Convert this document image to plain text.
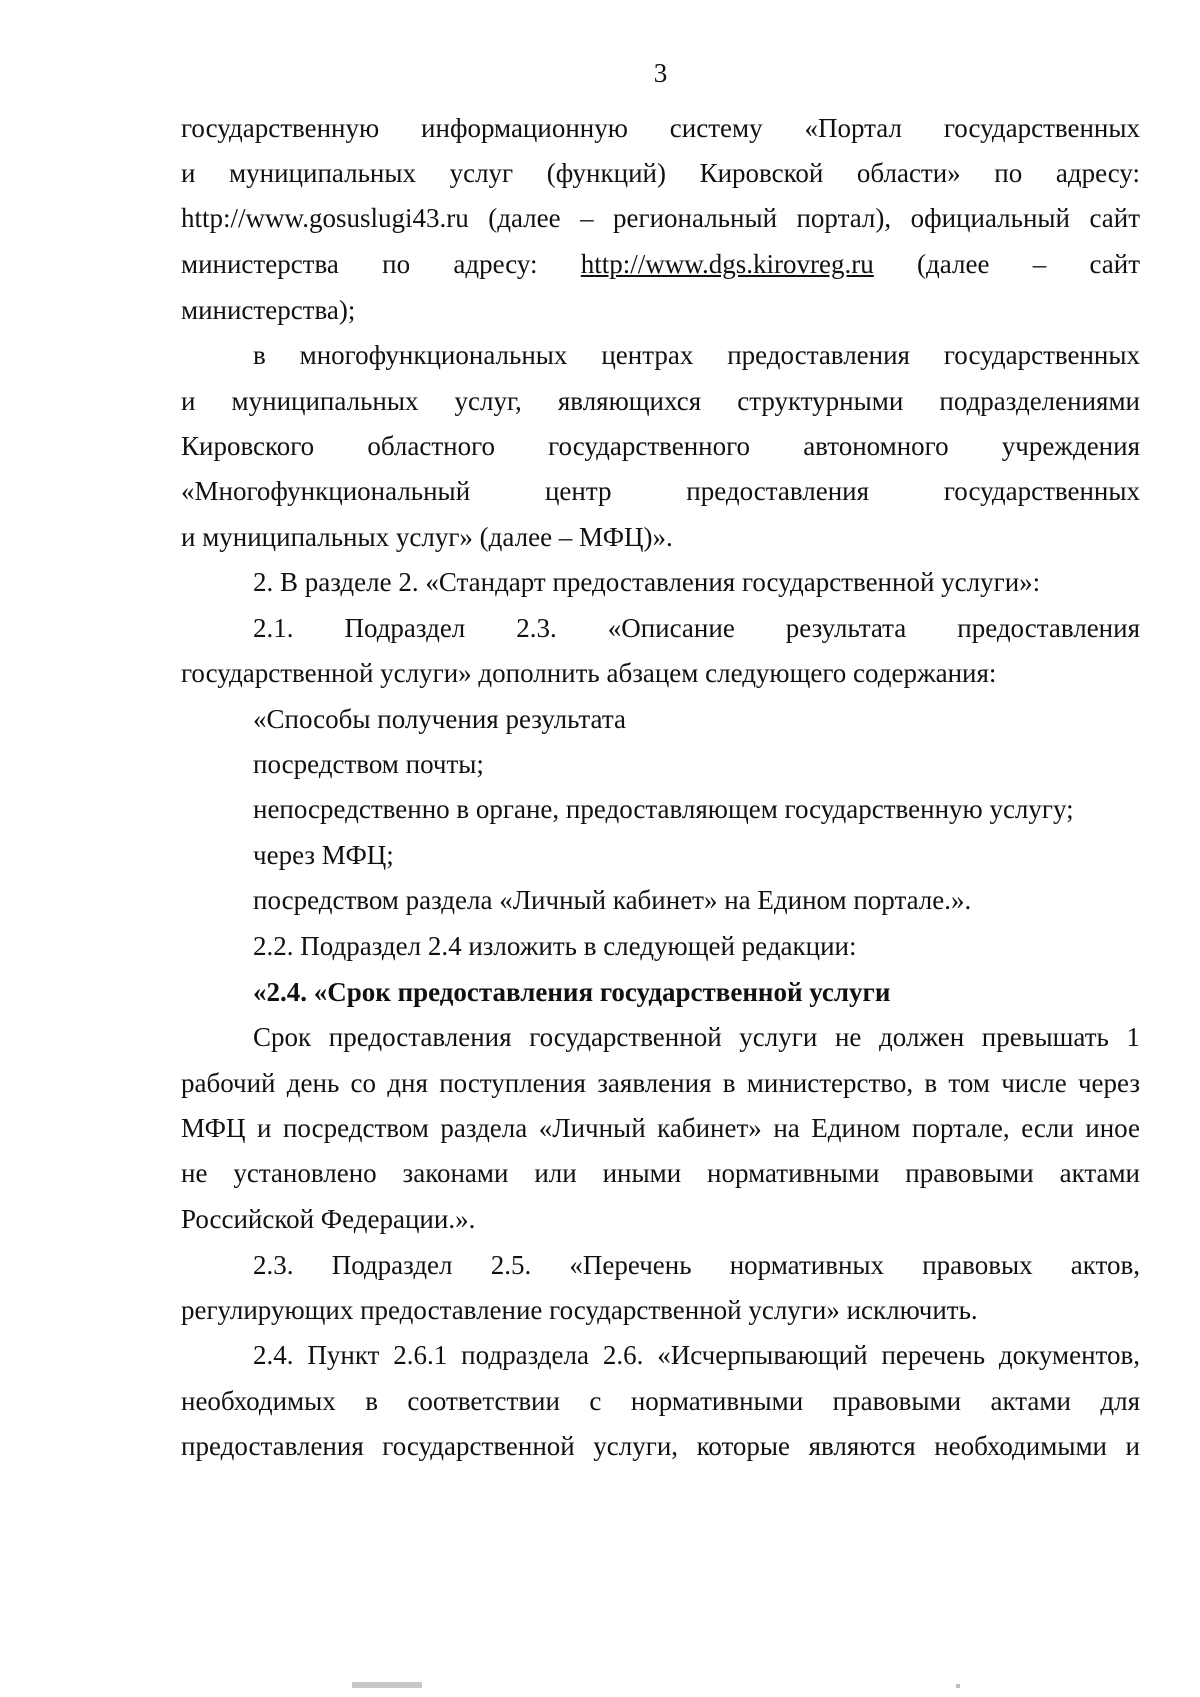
3
государственную информационную систему «Портал государственных
и муниципальных услуг (функций) Кировской области» по адресу:
http://www.gosuslugi43.ru (далее – региональный портал), официальный сайт
министерства по адресу: http://www.dgs.kirovreg.ru (далее – сайт
министерства);
в многофункциональных центрах предоставления государственных
и муниципальных услуг, являющихся структурными подразделениями
Кировского областного государственного автономного учреждения
«Многофункциональный центр предоставления государственных
и муниципальных услуг» (далее – МФЦ)».
2. В разделе 2. «Стандарт предоставления государственной услуги»:
2.1. Подраздел 2.3. «Описание результата предоставления
государственной услуги» дополнить абзацем следующего содержания:
«Способы получения результата
посредством почты;
непосредственно в органе, предоставляющем государственную услугу;
через МФЦ;
посредством раздела «Личный кабинет» на Едином портале.».
2.2. Подраздел 2.4 изложить в следующей редакции:
«2.4. «Срок предоставления государственной услуги
Срок предоставления государственной услуги не должен превышать 1
рабочий день со дня поступления заявления в министерство, в том числе через
МФЦ и посредством раздела «Личный кабинет» на Едином портале, если иное
не установлено законами или иными нормативными правовыми актами
Российской Федерации.».
2.3. Подраздел 2.5. «Перечень нормативных правовых актов,
регулирующих предоставление государственной услуги» исключить.
2.4. Пункт 2.6.1 подраздела 2.6. «Исчерпывающий перечень документов,
необходимых в соответствии с нормативными правовыми актами для
предоставления государственной услуги, которые являются необходимыми и
